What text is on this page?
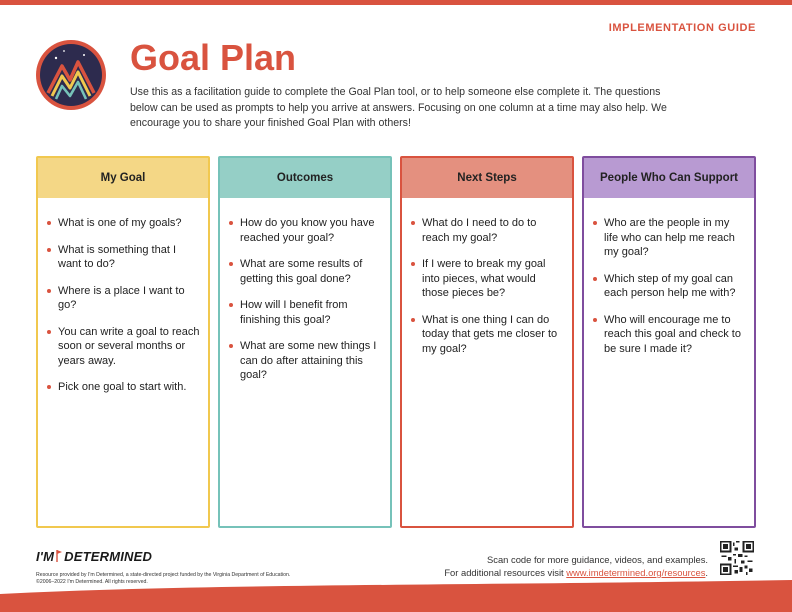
IMPLEMENTATION GUIDE
Goal Plan
Use this as a facilitation guide to complete the Goal Plan tool, or to help someone else complete it. The questions below can be used as prompts to help you arrive at answers. Focusing on one column at a time may also help. We encourage you to share your finished Goal Plan with others!
My Goal
What is one of my goals?
What is something that I want to do?
Where is a place I want to go?
You can write a goal to reach soon or several months or years away.
Pick one goal to start with.
Outcomes
How do you know you have reached your goal?
What are some results of getting this goal done?
How will I benefit from finishing this goal?
What are some new things I can do after attaining this goal?
Next Steps
What do I need to do to reach my goal?
If I were to break my goal into pieces, what would those pieces be?
What is one thing I can do today that gets me closer to my goal?
People Who Can Support
Who are the people in my life who can help me reach my goal?
Which step of my goal can each person help me with?
Who will encourage me to reach this goal and check to be sure I made it?
I'M DETERMINED
Resource provided by I'm Determined, a state-directed project funded by the Virginia Department of Education.
©2006–2022 I'm Determined. All rights reserved.
Scan code for more guidance, videos, and examples.
For additional resources visit www.imdetermined.org/resources.
